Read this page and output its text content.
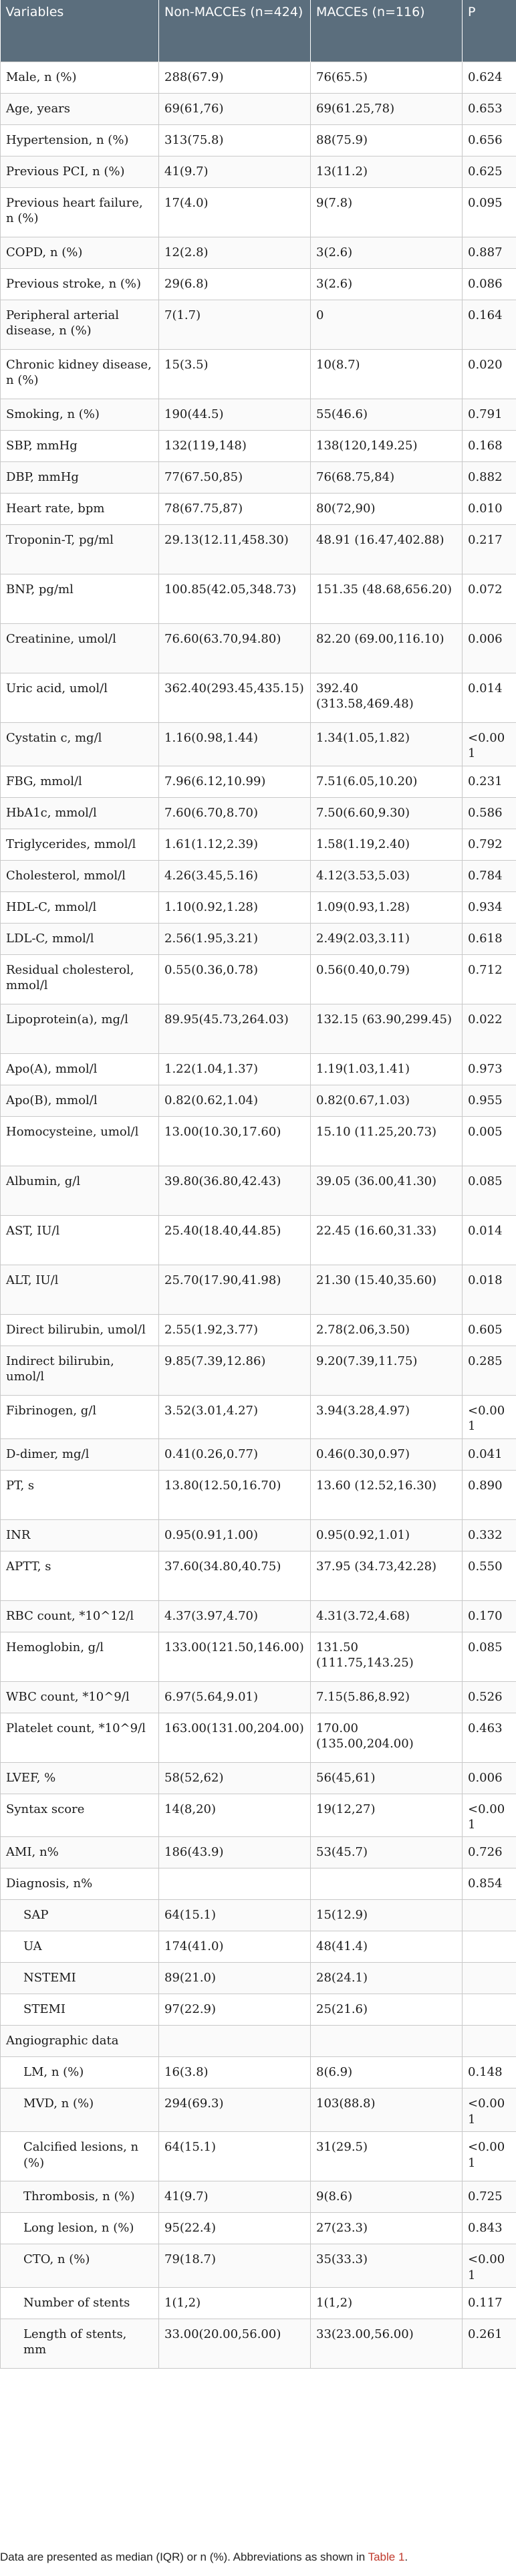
Variables	Non-MACCEs (n=424)	MACCEs (n=116)	P
Male, n (%)	288(67.9)	76(65.5)	0.624
Age, years	69(61,76)	69(61.25,78)	0.653
Hypertension, n (%)	313(75.8)	88(75.9)	0.656
Previous PCI, n (%)	41(9.7)	13(11.2)	0.625
Previous heart failure, n (%)	17(4.0)	9(7.8)	0.095
COPD, n (%)	12(2.8)	3(2.6)	0.887
Previous stroke, n (%)	29(6.8)	3(2.6)	0.086
Peripheral arterial disease, n (%)	7(1.7)	0	0.164
Chronic kidney disease, n (%)	15(3.5)	10(8.7)	0.020
Smoking, n (%)	190(44.5)	55(46.6)	0.791
SBP, mmHg	132(119,148)	138(120,149.25)	0.168
DBP, mmHg	77(67.50,85)	76(68.75,84)	0.882
Heart rate, bpm	78(67.75,87)	80(72,90)	0.010
Troponin-T, pg/ml	29.13(12.11,458.30)	48.91 (16.47,402.88)	0.217
BNP, pg/ml	100.85(42.05,348.73)	151.35 (48.68,656.20)	0.072
Creatinine, umol/l	76.60(63.70,94.80)	82.20 (69.00,116.10)	0.006
Uric acid, umol/l	362.40(293.45,435.15)	392.40 (313.58,469.48)	0.014
Cystatin c, mg/l	1.16(0.98,1.44)	1.34(1.05,1.82)	<0.001
FBG, mmol/l	7.96(6.12,10.99)	7.51(6.05,10.20)	0.231
HbA1c, mmol/l	7.60(6.70,8.70)	7.50(6.60,9.30)	0.586
Triglycerides, mmol/l	1.61(1.12,2.39)	1.58(1.19,2.40)	0.792
Cholesterol, mmol/l	4.26(3.45,5.16)	4.12(3.53,5.03)	0.784
HDL-C, mmol/l	1.10(0.92,1.28)	1.09(0.93,1.28)	0.934
LDL-C, mmol/l	2.56(1.95,3.21)	2.49(2.03,3.11)	0.618
Residual cholesterol, mmol/l	0.55(0.36,0.78)	0.56(0.40,0.79)	0.712
Lipoprotein(a), mg/l	89.95(45.73,264.03)	132.15 (63.90,299.45)	0.022
Apo(A), mmol/l	1.22(1.04,1.37)	1.19(1.03,1.41)	0.973
Apo(B), mmol/l	0.82(0.62,1.04)	0.82(0.67,1.03)	0.955
Homocysteine, umol/l	13.00(10.30,17.60)	15.10 (11.25,20.73)	0.005
Albumin, g/l	39.80(36.80,42.43)	39.05 (36.00,41.30)	0.085
AST, IU/l	25.40(18.40,44.85)	22.45 (16.60,31.33)	0.014
ALT, IU/l	25.70(17.90,41.98)	21.30 (15.40,35.60)	0.018
Direct bilirubin, umol/l	2.55(1.92,3.77)	2.78(2.06,3.50)	0.605
Indirect bilirubin, umol/l	9.85(7.39,12.86)	9.20(7.39,11.75)	0.285
Fibrinogen, g/l	3.52(3.01,4.27)	3.94(3.28,4.97)	<0.001
D-dimer, mg/l	0.41(0.26,0.77)	0.46(0.30,0.97)	0.041
PT, s	13.80(12.50,16.70)	13.60 (12.52,16.30)	0.890
INR	0.95(0.91,1.00)	0.95(0.92,1.01)	0.332
APTT, s	37.60(34.80,40.75)	37.95 (34.73,42.28)	0.550
RBC count, *10^12/l	4.37(3.97,4.70)	4.31(3.72,4.68)	0.170
Hemoglobin, g/l	133.00(121.50,146.00)	131.50 (111.75,143.25)	0.085
WBC count, *10^9/l	6.97(5.64,9.01)	7.15(5.86,8.92)	0.526
Platelet count, *10^9/l	163.00(131.00,204.00)	170.00 (135.00,204.00)	0.463
LVEF, %	58(52,62)	56(45,61)	0.006
Syntax score	14(8,20)	19(12,27)	<0.001
AMI, n%	186(43.9)	53(45.7)	0.726
Diagnosis, n%			0.854
SAP	64(15.1)	15(12.9)	
UA	174(41.0)	48(41.4)	
NSTEMI	89(21.0)	28(24.1)	
STEMI	97(22.9)	25(21.6)	
Angiographic data			
LM, n (%)	16(3.8)	8(6.9)	0.148
MVD, n (%)	294(69.3)	103(88.8)	<0.001
Calcified lesions, n (%)	64(15.1)	31(29.5)	<0.001
Thrombosis, n (%)	41(9.7)	9(8.6)	0.725
Long lesion, n (%)	95(22.4)	27(23.3)	0.843
CTO, n (%)	79(18.7)	35(33.3)	<0.001
Number of stents	1(1,2)	1(1,2)	0.117
Length of stents, mm	33.00(20.00,56.00)	33(23.00,56.00)	0.261
Data are presented as median (IQR) or n (%). Abbreviations as shown in Table 1.
